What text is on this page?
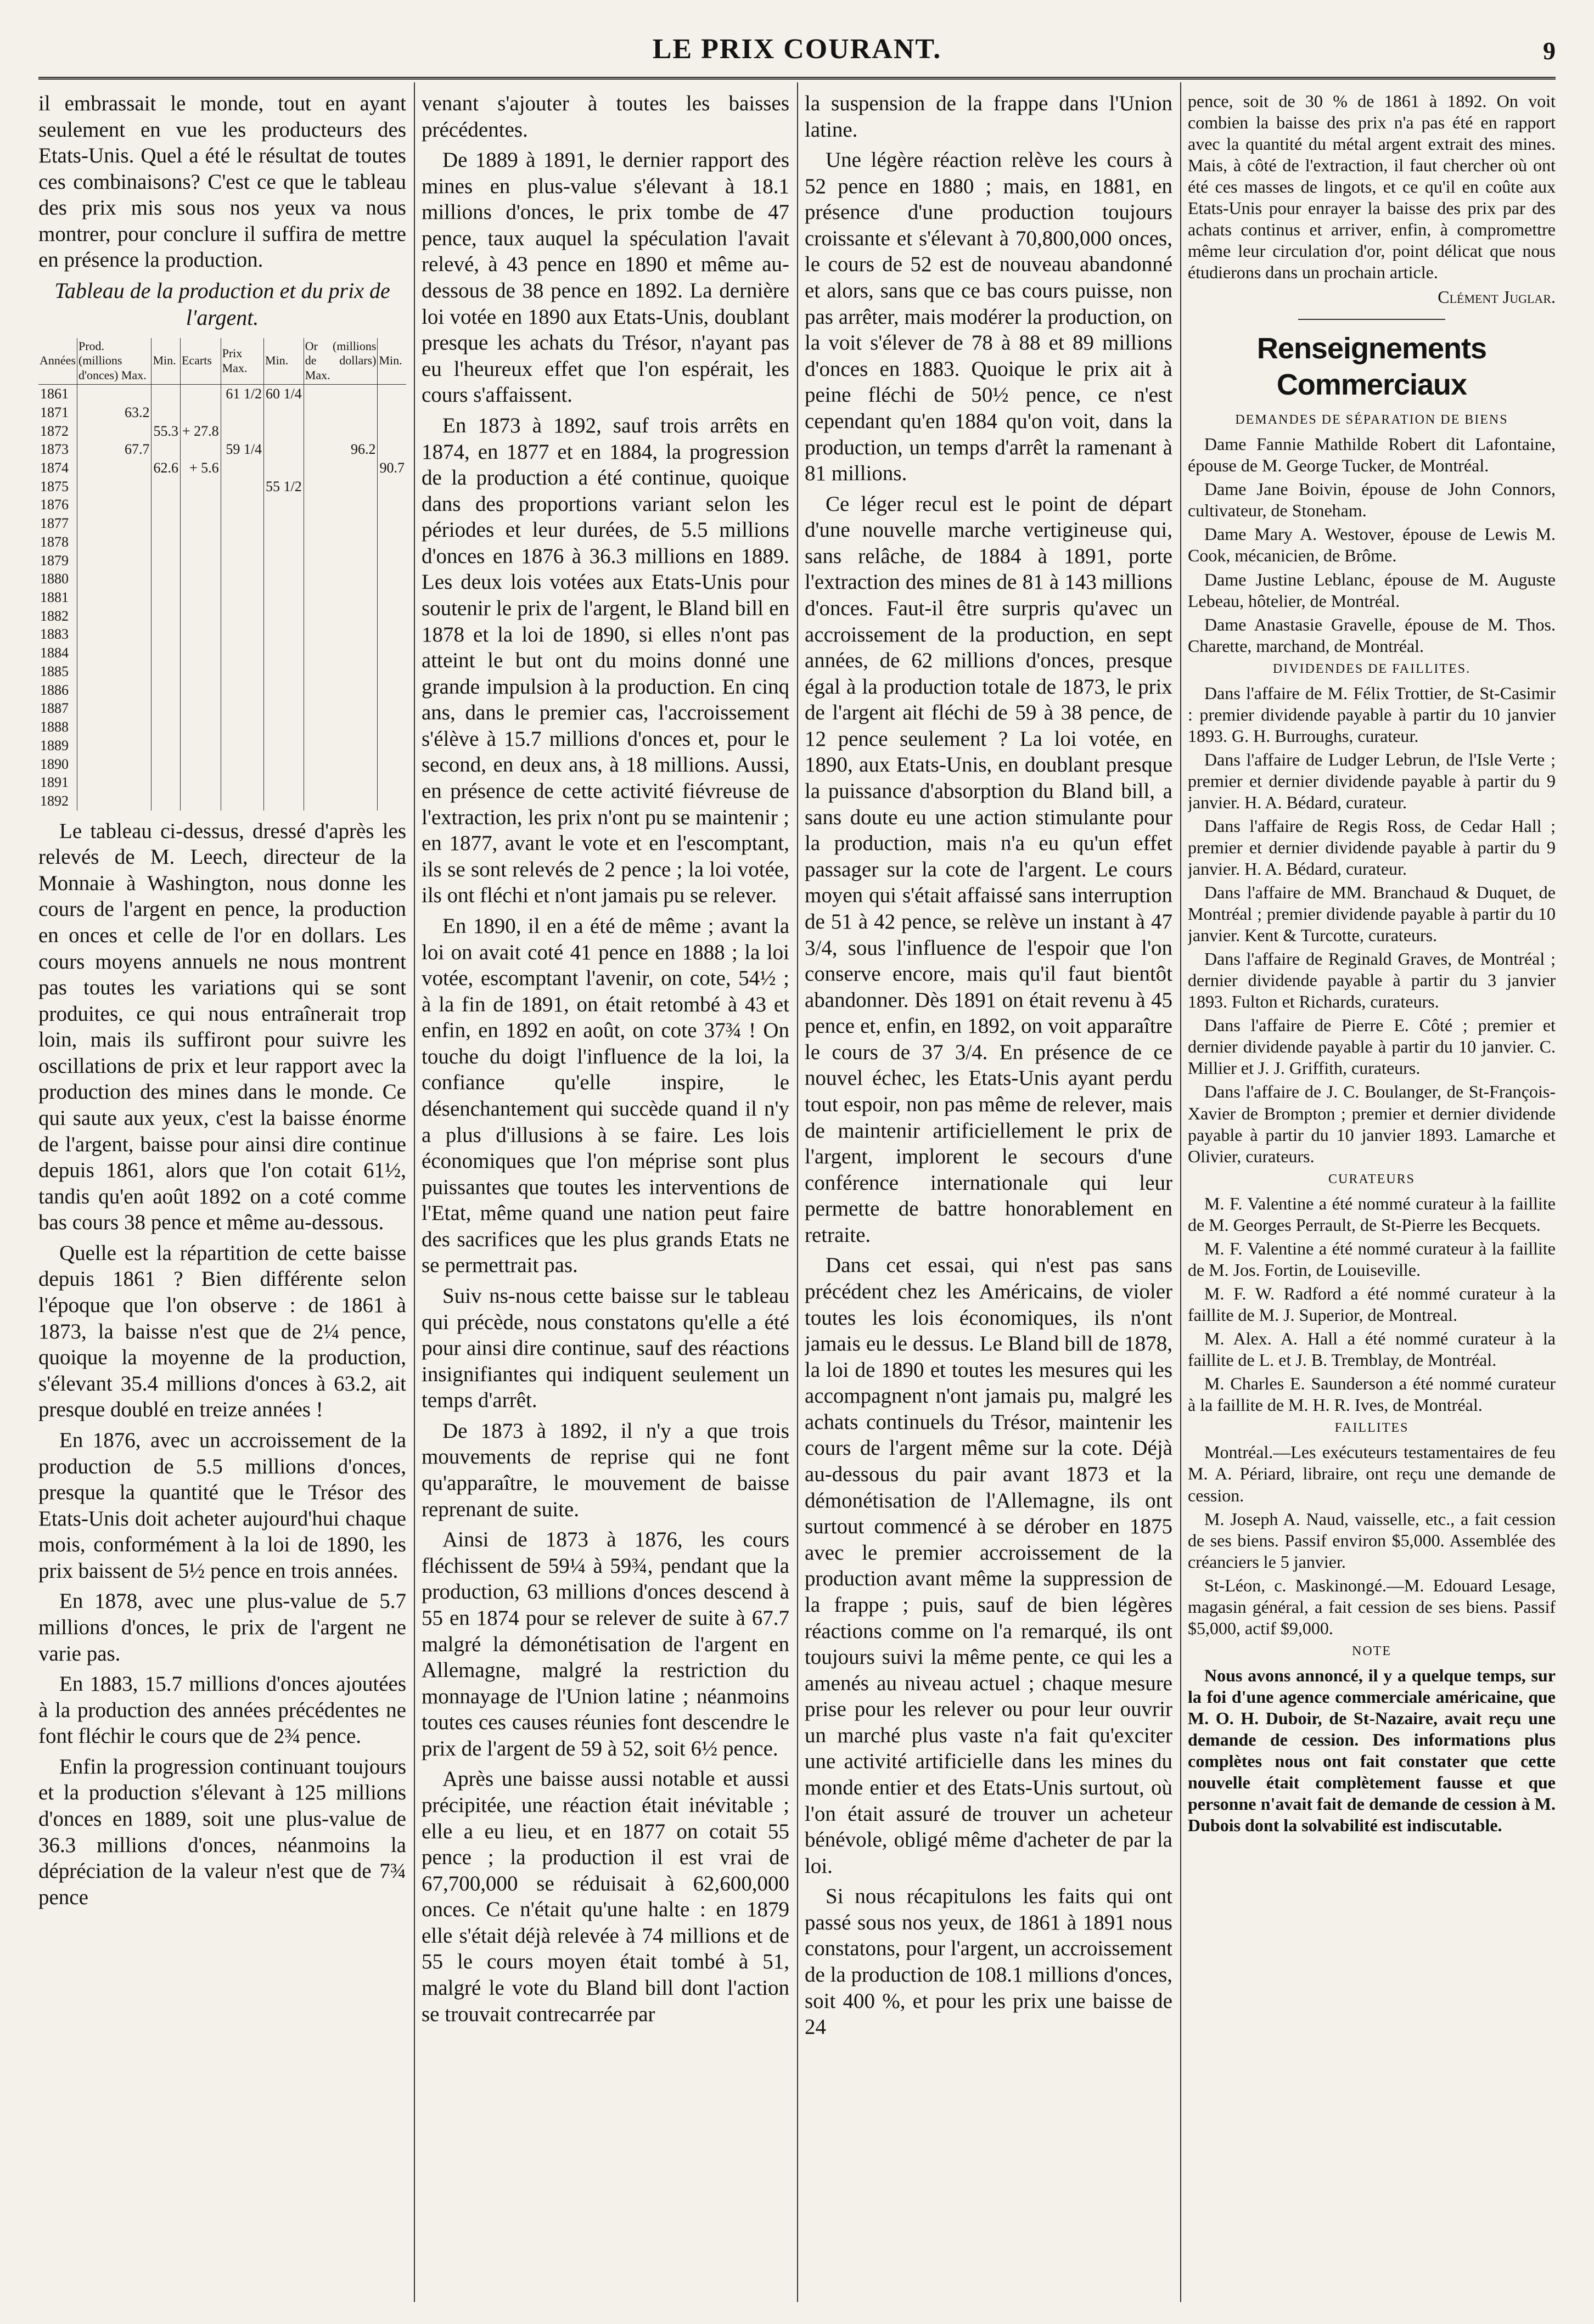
LE PRIX COURANT.	9

il embrassait le monde, tout en ayant seulement en vue les producteurs des Etats-Unis. Quel a été le résultat de toutes ces combinaisons? C'est ce que le tableau des prix mis sous nos yeux va nous montrer, pour conclure il suffira de mettre en présence la production.

Tableau de la production et du prix de l'argent.
Années	Prod. (millions d'onces) Max.	Min.	Ecarts	Prix Max.	Min.	Or (millions de dollars) Max.	Min.
1861				61 1/2	60 1/4		
1871	63.2						
1872		55.3	+ 27.8				
1873	67.7			59 1/4		96.2	
1874		62.6	+ 5.6				90.7
1875					55 1/2		
1876							
1877							
1878							
1879							
1880							
1881							
1882							
1883							
1884							
1885							
1886							
1887							
1888							
1889							
1890							
1891							
1892							

Le tableau ci-dessus, dressé d'après les relevés de M. Leech, directeur de la Monnaie à Washington, nous donne les cours de l'argent en pence, la production en onces et celle de l'or en dollars. Les cours moyens annuels ne nous montrent pas toutes les variations qui se sont produites, ce qui nous entraînerait trop loin, mais ils suffiront pour suivre les oscillations de prix et leur rapport avec la production des mines dans le monde. Ce qui saute aux yeux, c'est la baisse énorme de l'argent, baisse pour ainsi dire continue depuis 1861, alors que l'on cotait 61½, tandis qu'en août 1892 on a coté comme bas cours 38 pence et même au-dessous.

Quelle est la répartition de cette baisse depuis 1861 ? Bien différente selon l'époque que l'on observe : de 1861 à 1873, la baisse n'est que de 2¼ pence, quoique la moyenne de la production, s'élevant 35.4 millions d'onces à 63.2, ait presque doublé en treize années !

En 1876, avec un accroissement de la production de 5.5 millions d'onces, presque la quantité que le Trésor des Etats-Unis doit acheter aujourd'hui chaque mois, conformément à la loi de 1890, les prix baissent de 5½ pence en trois années.

En 1878, avec une plus-value de 5.7 millions d'onces, le prix de l'argent ne varie pas.

En 1883, 15.7 millions d'onces ajoutées à la production des années précédentes ne font fléchir le cours que de 2¾ pence.

Enfin la progression continuant toujours et la production s'élevant à 125 millions d'onces en 1889, soit une plus-value de 36.3 millions d'onces, néanmoins la dépréciation de la valeur n'est que de 7¾ pence

venant s'ajouter à toutes les baisses précédentes.

De 1889 à 1891, le dernier rapport des mines en plus-value s'élevant à 18.1 millions d'onces, le prix tombe de 47 pence, taux auquel la spéculation l'avait relevé, à 43 pence en 1890 et même au-dessous de 38 pence en 1892. La dernière loi votée en 1890 aux Etats-Unis, doublant presque les achats du Trésor, n'ayant pas eu l'heureux effet que l'on espérait, les cours s'affaissent.

En 1873 à 1892, sauf trois arrêts en 1874, en 1877 et en 1884, la progression de la production a été continue, quoique dans des proportions variant selon les périodes et leur durées, de 5.5 millions d'onces en 1876 à 36.3 millions en 1889. Les deux lois votées aux Etats-Unis pour soutenir le prix de l'argent, le Bland bill en 1878 et la loi de 1890, si elles n'ont pas atteint le but ont du moins donné une grande impulsion à la production. En cinq ans, dans le premier cas, l'accroissement s'élève à 15.7 millions d'onces et, pour le second, en deux ans, à 18 millions. Aussi, en présence de cette activité fiévreuse de l'extraction, les prix n'ont pu se maintenir ; en 1877, avant le vote et en l'escomptant, ils se sont relevés de 2 pence ; la loi votée, ils ont fléchi et n'ont jamais pu se relever.

En 1890, il en a été de même ; avant la loi on avait coté 41 pence en 1888 ; la loi votée, escomptant l'avenir, on cote, 54½ ; à la fin de 1891, on était retombé à 43 et enfin, en 1892 en août, on cote 37¾ ! On touche du doigt l'influence de la loi, la confiance qu'elle inspire, le désenchantement qui succède quand il n'y a plus d'illusions à se faire. Les lois économiques que l'on méprise sont plus puissantes que toutes les interventions de l'Etat, même quand une nation peut faire des sacrifices que les plus grands Etats ne se permettrait pas.

Suiv ns-nous cette baisse sur le tableau qui précède, nous constatons qu'elle a été pour ainsi dire continue, sauf des réactions insignifiantes qui indiquent seulement un temps d'arrêt.

De 1873 à 1892, il n'y a que trois mouvements de reprise qui ne font qu'apparaître, le mouvement de baisse reprenant de suite.

Ainsi de 1873 à 1876, les cours fléchissent de 59¼ à 59¾, pendant que la production, 63 millions d'onces descend à 55 en 1874 pour se relever de suite à 67.7 malgré la démonétisation de l'argent en Allemagne, malgré la restriction du monnayage de l'Union latine ; néanmoins toutes ces causes réunies font descendre le prix de l'argent de 59 à 52, soit 6½ pence.

Après une baisse aussi notable et aussi précipitée, une réaction était inévitable ; elle a eu lieu, et en 1877 on cotait 55 pence ; la production il est vrai de 67,700,000 se réduisait à 62,600,000 onces. Ce n'était qu'une halte : en 1879 elle s'était déjà relevée à 74 millions et de 55 le cours moyen était tombé à 51, malgré le vote du Bland bill dont l'action se trouvait contrecarrée par

la suspension de la frappe dans l'Union latine.

Une légère réaction relève les cours à 52 pence en 1880 ; mais, en 1881, en présence d'une production toujours croissante et s'élevant à 70,800,000 onces, le cours de 52 est de nouveau abandonné et alors, sans que ce bas cours puisse, non pas arrêter, mais modérer la production, on la voit s'élever de 78 à 88 et 89 millions d'onces en 1883. Quoique le prix ait à peine fléchi de 50½ pence, ce n'est cependant qu'en 1884 qu'on voit, dans la production, un temps d'arrêt la ramenant à 81 millions.

Ce léger recul est le point de départ d'une nouvelle marche vertigineuse qui, sans relâche, de 1884 à 1891, porte l'extraction des mines de 81 à 143 millions d'onces. Faut-il être surpris qu'avec un accroissement de la production, en sept années, de 62 millions d'onces, presque égal à la production totale de 1873, le prix de l'argent ait fléchi de 59 à 38 pence, de 12 pence seulement ? La loi votée, en 1890, aux Etats-Unis, en doublant presque la puissance d'absorption du Bland bill, a sans doute eu une action stimulante pour la production, mais n'a eu qu'un effet passager sur la cote de l'argent. Le cours moyen qui s'était affaissé sans interruption de 51 à 42 pence, se relève un instant à 47 3/4, sous l'influence de l'espoir que l'on conserve encore, mais qu'il faut bientôt abandonner. Dès 1891 on était revenu à 45 pence et, enfin, en 1892, on voit apparaître le cours de 37 3/4. En présence de ce nouvel échec, les Etats-Unis ayant perdu tout espoir, non pas même de relever, mais de maintenir artificiellement le prix de l'argent, implorent le secours d'une conférence internationale qui leur permette de battre honorablement en retraite.

Dans cet essai, qui n'est pas sans précédent chez les Américains, de violer toutes les lois économiques, ils n'ont jamais eu le dessus. Le Bland bill de 1878, la loi de 1890 et toutes les mesures qui les accompagnent n'ont jamais pu, malgré les achats continuels du Trésor, maintenir les cours de l'argent même sur la cote. Déjà au-dessous du pair avant 1873 et la démonétisation de l'Allemagne, ils ont surtout commencé à se dérober en 1875 avec le premier accroissement de la production avant même la suppression de la frappe ; puis, sauf de bien légères réactions comme on l'a remarqué, ils ont toujours suivi la même pente, ce qui les a amenés au niveau actuel ; chaque mesure prise pour les relever ou pour leur ouvrir un marché plus vaste n'a fait qu'exciter une activité artificielle dans les mines du monde entier et des Etats-Unis surtout, où l'on était assuré de trouver un acheteur bénévole, obligé même d'acheter de par la loi.

Si nous récapitulons les faits qui ont passé sous nos yeux, de 1861 à 1891 nous constatons, pour l'argent, un accroissement de la production de 108.1 millions d'onces, soit 400 %, et pour les prix une baisse de 24

pence, soit de 30 % de 1861 à 1892. On voit combien la baisse des prix n'a pas été en rapport avec la quantité du métal argent extrait des mines. Mais, à côté de l'extraction, il faut chercher où ont été ces masses de lingots, et ce qu'il en coûte aux Etats-Unis pour enrayer la baisse des prix par des achats continus et arriver, enfin, à compromettre même leur circulation d'or, point délicat que nous étudierons dans un prochain article.

Clément Juglar.
Renseignements Commerciaux
DEMANDES DE SÉPARATION DE BIENS

Dame Fannie Mathilde Robert dit Lafontaine, épouse de M. George Tucker, de Montréal.

Dame Jane Boivin, épouse de John Connors, cultivateur, de Stoneham.

Dame Mary A. Westover, épouse de Lewis M. Cook, mécanicien, de Brôme.

Dame Justine Leblanc, épouse de M. Auguste Lebeau, hôtelier, de Montréal.

Dame Anastasie Gravelle, épouse de M. Thos. Charette, marchand, de Montréal.

DIVIDENDES DE FAILLITES.

Dans l'affaire de M. Félix Trottier, de St-Casimir : premier dividende payable à partir du 10 janvier 1893. G. H. Burroughs, curateur.

Dans l'affaire de Ludger Lebrun, de l'Isle Verte ; premier et dernier dividende payable à partir du 9 janvier. H. A. Bédard, curateur.

Dans l'affaire de Regis Ross, de Cedar Hall ; premier et dernier dividende payable à partir du 9 janvier. H. A. Bédard, curateur.

Dans l'affaire de MM. Branchaud & Duquet, de Montréal ; premier dividende payable à partir du 10 janvier. Kent & Turcotte, curateurs.

Dans l'affaire de Reginald Graves, de Montréal ; dernier dividende payable à partir du 3 janvier 1893. Fulton et Richards, curateurs.

Dans l'affaire de Pierre E. Côté ; premier et dernier dividende payable à partir du 10 janvier. C. Millier et J. J. Griffith, curateurs.

Dans l'affaire de J. C. Boulanger, de St-François-Xavier de Brompton ; premier et dernier dividende payable à partir du 10 janvier 1893. Lamarche et Olivier, curateurs.

CURATEURS

M. F. Valentine a été nommé curateur à la faillite de M. Georges Perrault, de St-Pierre les Becquets.

M. F. Valentine a été nommé curateur à la faillite de M. Jos. Fortin, de Louiseville.

M. F. W. Radford a été nommé curateur à la faillite de M. J. Superior, de Montreal.

M. Alex. A. Hall a été nommé curateur à la faillite de L. et J. B. Tremblay, de Montréal.

M. Charles E. Saunderson a été nommé curateur à la faillite de M. H. R. Ives, de Montréal.

FAILLITES

Montréal.—Les exécuteurs testamentaires de feu M. A. Périard, libraire, ont reçu une demande de cession.

M. Joseph A. Naud, vaisselle, etc., a fait cession de ses biens. Passif environ $5,000. Assemblée des créanciers le 5 janvier.

St-Léon, c. Maskinongé.—M. Edouard Lesage, magasin général, a fait cession de ses biens. Passif $5,000, actif $9,000.

NOTE

Nous avons annoncé, il y a quelque temps, sur la foi d'une agence commerciale américaine, que M. O. H. Duboir, de St-Nazaire, avait reçu une demande de cession. Des informations plus complètes nous ont fait constater que cette nouvelle était complètement fausse et que personne n'avait fait de demande de cession à M. Dubois dont la solvabilité est indiscutable.
